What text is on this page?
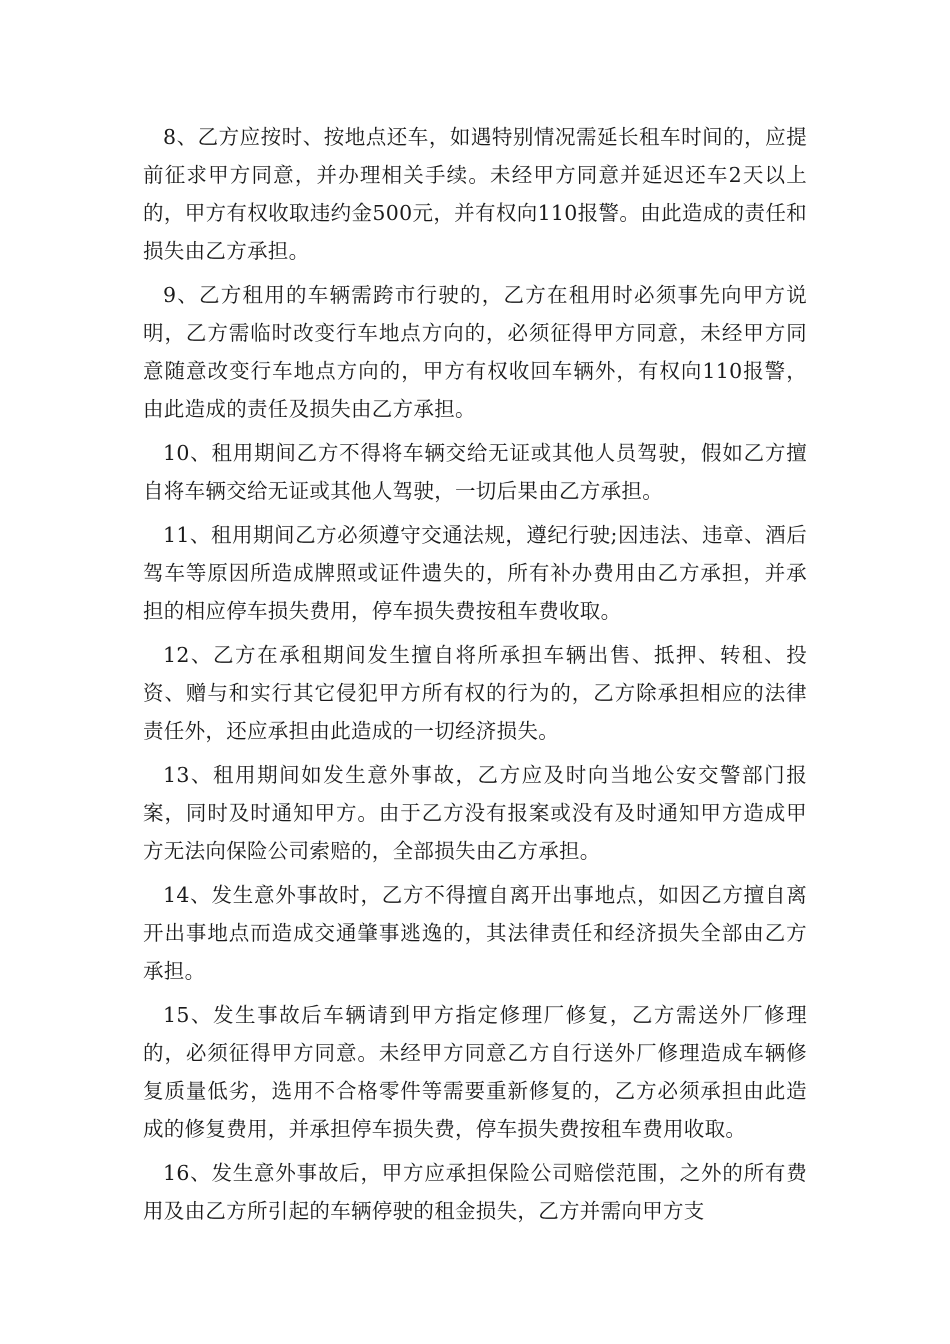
8、乙方应按时、按地点还车，如遇特别情况需延长租车时间的，应提前征求甲方同意，并办理相关手续。未经甲方同意并延迟还车2天以上的，甲方有权收取违约金500元，并有权向110报警。由此造成的责任和损失由乙方承担。

9、乙方租用的车辆需跨市行驶的，乙方在租用时必须事先向甲方说明，乙方需临时改变行车地点方向的，必须征得甲方同意，未经甲方同意随意改变行车地点方向的，甲方有权收回车辆外，有权向110报警，由此造成的责任及损失由乙方承担。

10、租用期间乙方不得将车辆交给无证或其他人员驾驶，假如乙方擅自将车辆交给无证或其他人驾驶，一切后果由乙方承担。

11、租用期间乙方必须遵守交通法规，遵纪行驶;因违法、违章、酒后驾车等原因所造成牌照或证件遗失的，所有补办费用由乙方承担，并承担的相应停车损失费用，停车损失费按租车费收取。

12、乙方在承租期间发生擅自将所承担车辆出售、抵押、转租、投资、赠与和实行其它侵犯甲方所有权的行为的，乙方除承担相应的法律责任外，还应承担由此造成的一切经济损失。

13、租用期间如发生意外事故，乙方应及时向当地公安交警部门报案，同时及时通知甲方。由于乙方没有报案或没有及时通知甲方造成甲方无法向保险公司索赔的，全部损失由乙方承担。

14、发生意外事故时，乙方不得擅自离开出事地点，如因乙方擅自离开出事地点而造成交通肇事逃逸的，其法律责任和经济损失全部由乙方承担。

15、发生事故后车辆请到甲方指定修理厂修复，乙方需送外厂修理的，必须征得甲方同意。未经甲方同意乙方自行送外厂修理造成车辆修复质量低劣，选用不合格零件等需要重新修复的，乙方必须承担由此造成的修复费用，并承担停车损失费，停车损失费按租车费用收取。

16、发生意外事故后，甲方应承担保险公司赔偿范围，之外的所有费用及由乙方所引起的车辆停驶的租金损失，乙方并需向甲方支
